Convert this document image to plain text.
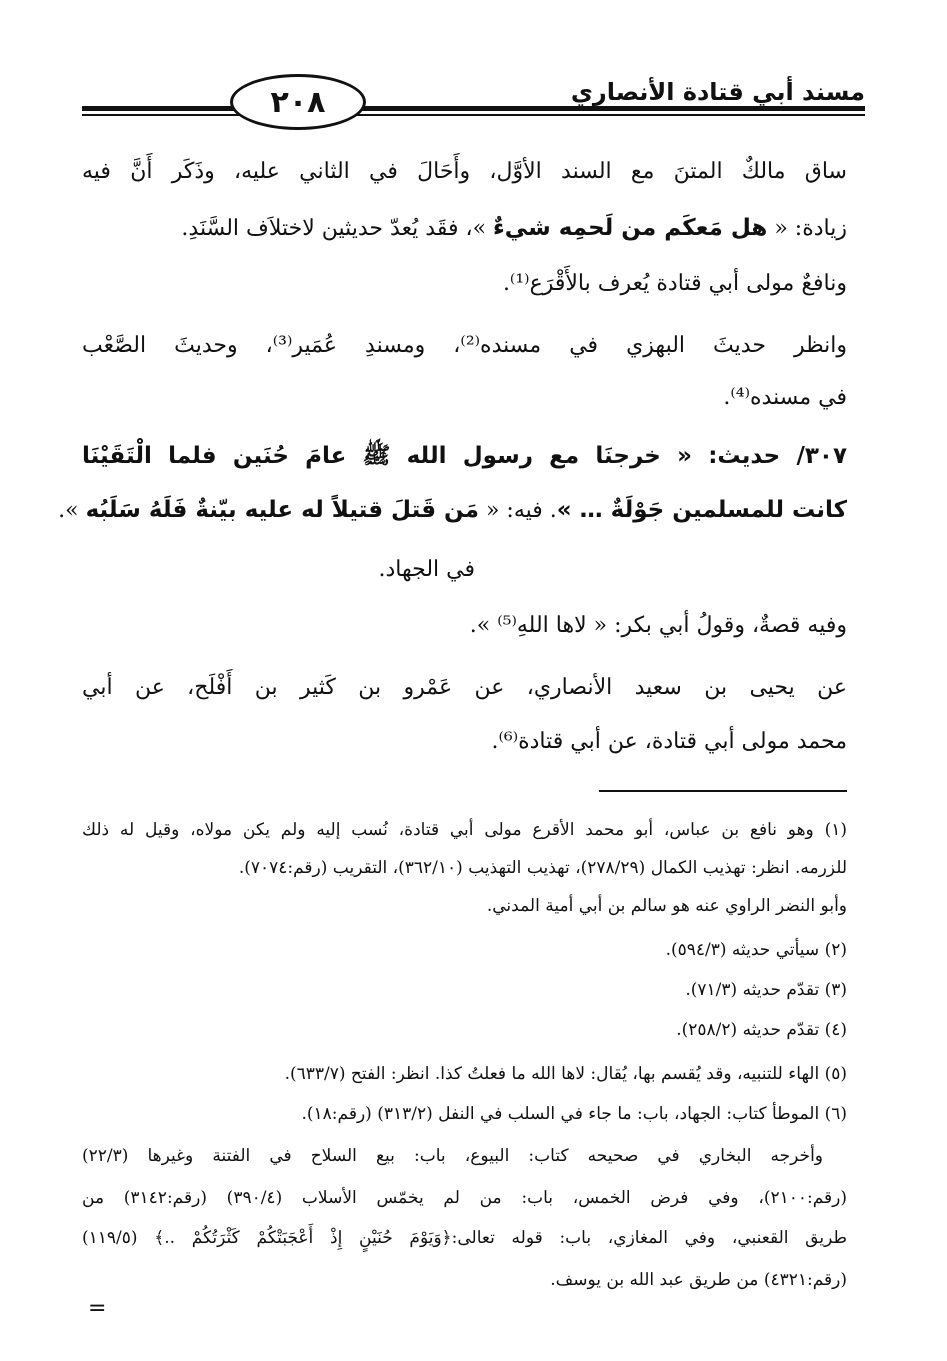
مسند أبي قتادة الأنصاري
٢٠٨
ساق مالكٌ المتنَ مع السند الأوَّل، وأَحَالَ في الثاني عليه، وذَكَر أَنَّ فيه
زيادة: « هل مَعكَم من لَحمِه شيءٌ »، فقَد يُعدّ حديثين لاختلاَف السَّنَدِ.
ونافعٌ مولى أبي قتادة يُعرف بالأَقْرَع⁽¹⁾.
وانظر حديثَ البهزي في مسنده⁽²⁾، ومسندِ عُمَير⁽³⁾، وحديثَ الصَّعْب
في مسنده⁽⁴⁾.
٣٠٧/ حديث: « خرجنَا مع رسول الله ﷺ عامَ حُنَين فلما الْتَقَيْنَا
كانت للمسلمين جَوْلَةٌ … ». فيه: « مَن قَتلَ قتيلاً له عليه بيّنةٌ فَلَهُ سَلَبُه ».
في الجهاد.
وفيه قصةٌ، وقولُ أبي بكر: « لاها اللهِ⁽⁵⁾ ».
عن يحيى بن سعيد الأنصاري، عن عَمْرو بن كَثير بن أَفْلَح، عن أبي
محمد مولى أبي قتادة، عن أبي قتادة⁽⁶⁾.
(١) وهو نافع بن عباس، أبو محمد الأقرع مولى أبي قتادة، نُسب إليه ولم يكن مولاه، وقيل له ذلك
للزرمه. انظر: تهذيب الكمال (٢٧٨/٢٩)، تهذيب التهذيب (٣٦٢/١٠)، التقريب (رقم:٧٠٧٤).
وأبو النضر الراوي عنه هو سالم بن أبي أمية المدني.
(٢) سيأتي حديثه (٥٩٤/٣).
(٣) تقدّم حديثه (٧١/٣).
(٤) تقدّم حديثه (٢٥٨/٢).
(٥) الهاء للتنبيه، وقد يُقسم بها، يُقال: لاها الله ما فعلتُ كذا. انظر: الفتح (٦٣٣/٧).
(٦) الموطأ كتاب: الجهاد، باب: ما جاء في السلب في النفل (٣١٣/٢) (رقم:١٨).
وأخرجه البخاري في صحيحه كتاب: البيوع، باب: بيع السلاح في الفتنة وغيرها (٢٢/٣)
(رقم:٢١٠٠)، وفي فرض الخمس، باب: من لم يخمّس الأسلاب (٣٩٠/٤) (رقم:٣١٤٢) من
طريق القعنبي، وفي المغازي، باب: قوله تعالى:﴿وَيَوْمَ حُنَيْنٍ إِذْ أَعْجَبَتْكُمْ كَثْرَتُكُمْ ..﴾ (١١٩/٥)
(رقم:٤٣٢١) من طريق عبد الله بن يوسف.
=
